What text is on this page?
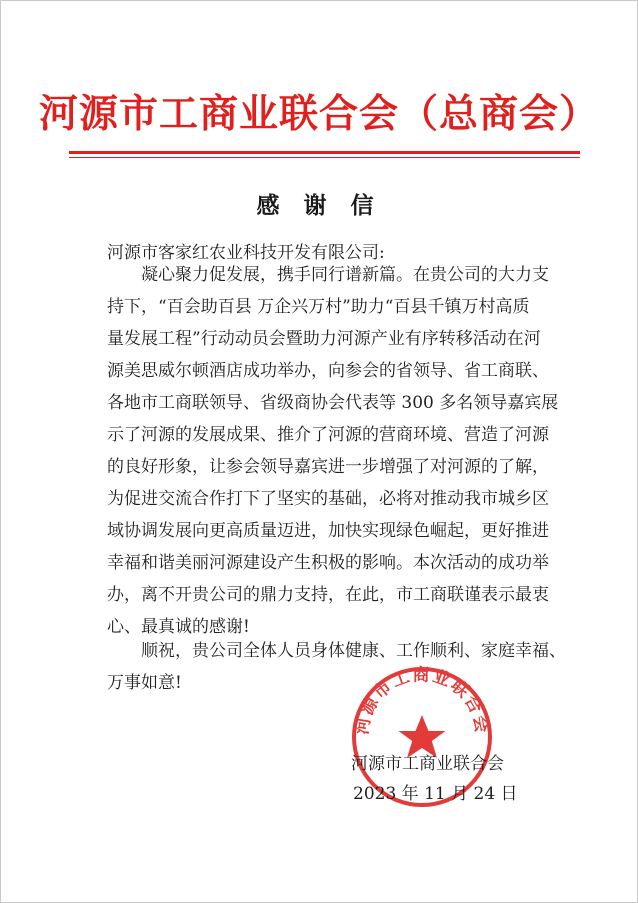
河源市工商业联合会（总商会）
感 谢 信
河源市客家红农业科技开发有限公司:
　　凝心聚力促发展，携手同行谱新篇。在贵公司的大力支
持下，“百会助百县 万企兴万村”助力“百县千镇万村高质
量发展工程”行动动员会暨助力河源产业有序转移活动在河
源美思威尔顿酒店成功举办，向参会的省领导、省工商联、
各地市工商联领导、省级商协会代表等 300 多名领导嘉宾展
示了河源的发展成果、推介了河源的营商环境、营造了河源
的良好形象，让参会领导嘉宾进一步增强了对河源的了解，
为促进交流合作打下了坚实的基础，必将对推动我市城乡区
域协调发展向更高质量迈进，加快实现绿色崛起，更好推进
幸福和谐美丽河源建设产生积极的影响。本次活动的成功举
办，离不开贵公司的鼎力支持，在此，市工商联谨表示最衷
心、最真诚的感谢!
　　顺祝，贵公司全体人员身体健康、工作顺利、家庭幸福、
万事如意!
河源市工商业联合会
河源市工商业联合会
2023 年 11 月 24 日
